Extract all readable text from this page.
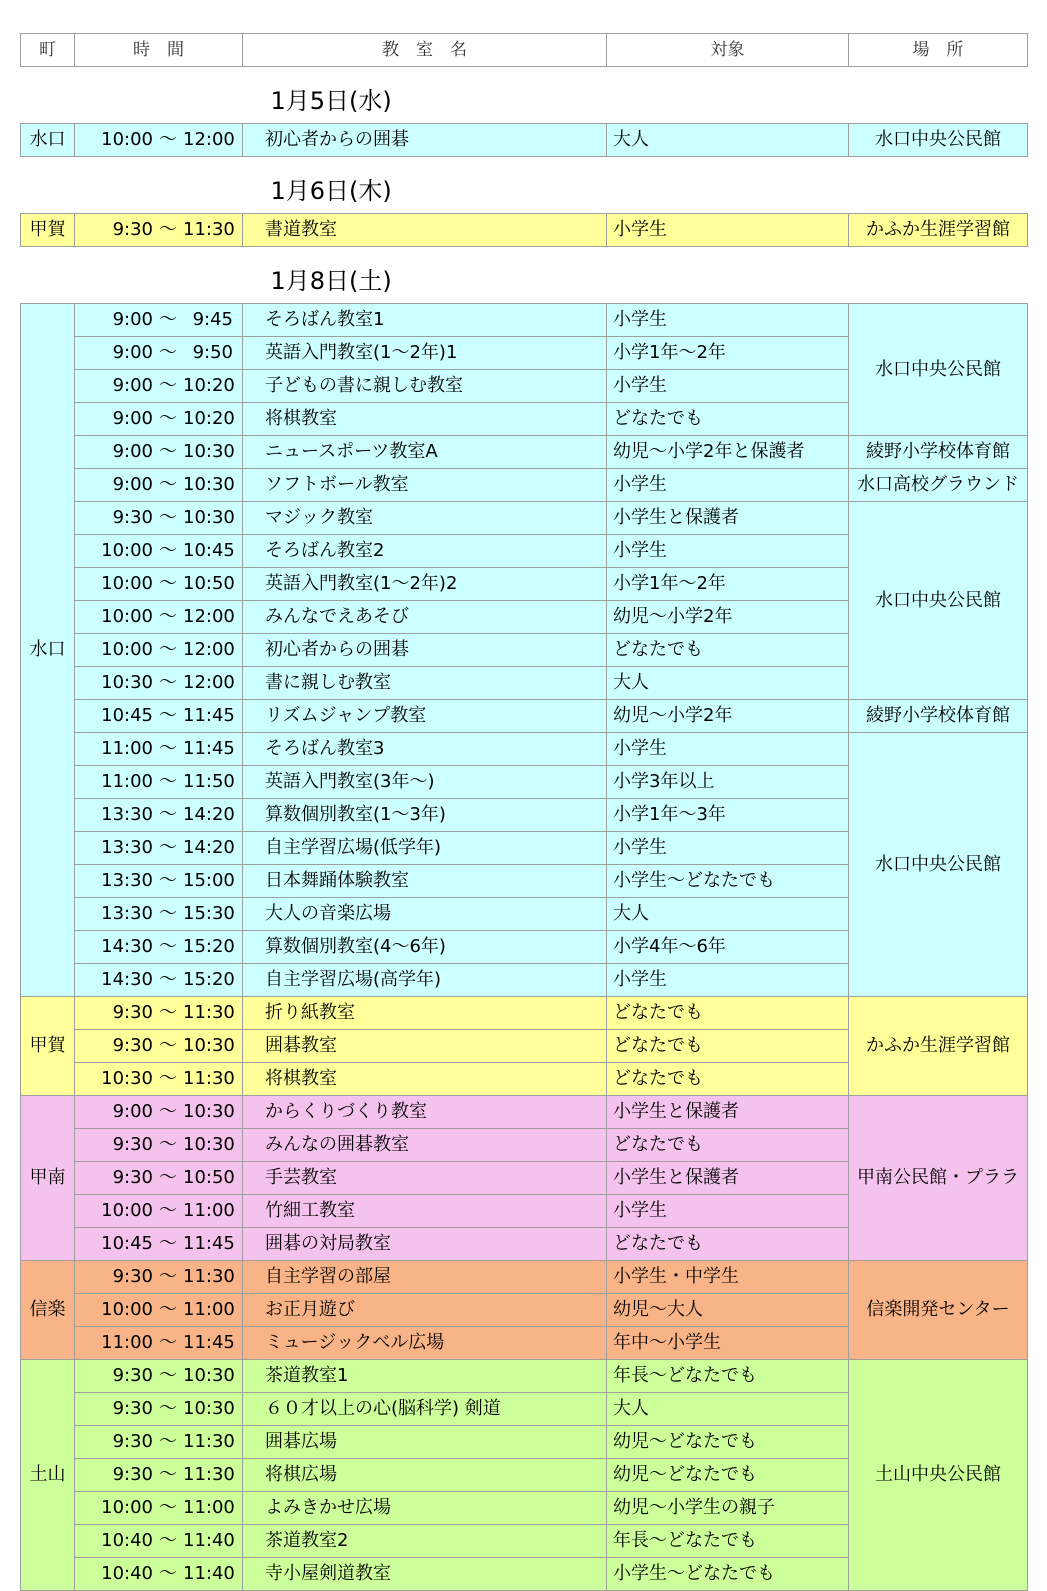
町	時　間	教　室　名	対象	場　所
		1月5日(水)		
水口	10:00 ～ 12:00	初心者からの囲碁	大人	水口中央公民館
		1月6日(木)		
甲賀	9:30 ～ 11:30	書道教室	小学生	かふか生涯学習館
		1月8日(土)		
水口	9:00 ～ 9:45	そろばん教室1	小学生	水口中央公民館
	9:00 ～ 9:50	英語入門教室(1～2年)1	小学1年～2年	
	9:00 ～ 10:20	子どもの書に親しむ教室	小学生	
	9:00 ～ 10:20	将棋教室	どなたでも	
	9:00 ～ 10:30	ニュースポーツ教室A	幼児～小学2年と保護者	綾野小学校体育館
	9:00 ～ 10:30	ソフトボール教室	小学生	水口高校グラウンド
	9:30 ～ 10:30	マジック教室	小学生と保護者	水口中央公民館
	10:00 ～ 10:45	そろばん教室2	小学生	
	10:00 ～ 10:50	英語入門教室(1～2年)2	小学1年～2年	
	10:00 ～ 12:00	みんなでえあそび	幼児～小学2年	
	10:00 ～ 12:00	初心者からの囲碁	どなたでも	
	10:30 ～ 12:00	書に親しむ教室	大人	
	10:45 ～ 11:45	リズムジャンプ教室	幼児～小学2年	綾野小学校体育館
	11:00 ～ 11:45	そろばん教室3	小学生	水口中央公民館
	11:00 ～ 11:50	英語入門教室(3年～)	小学3年以上	
	13:30 ～ 14:20	算数個別教室(1～3年)	小学1年～3年	
	13:30 ～ 14:20	自主学習広場(低学年)	小学生	
	13:30 ～ 15:00	日本舞踊体験教室	小学生～どなたでも	
	13:30 ～ 15:30	大人の音楽広場	大人	
	14:30 ～ 15:20	算数個別教室(4～6年)	小学4年～6年	
	14:30 ～ 15:20	自主学習広場(高学年)	小学生	
甲賀	9:30 ～ 11:30	折り紙教室	どなたでも	かふか生涯学習館
	9:30 ～ 10:30	囲碁教室	どなたでも	
	10:30 ～ 11:30	将棋教室	どなたでも	
甲南	9:00 ～ 10:30	からくりづくり教室	小学生と保護者	甲南公民館・プララ
	9:30 ～ 10:30	みんなの囲碁教室	どなたでも	
	9:30 ～ 10:50	手芸教室	小学生と保護者	
	10:00 ～ 11:00	竹細工教室	小学生	
	10:45 ～ 11:45	囲碁の対局教室	どなたでも	
信楽	9:30 ～ 11:30	自主学習の部屋	小学生・中学生	信楽開発センター
	10:00 ～ 11:00	お正月遊び	幼児～大人	
	11:00 ～ 11:45	ミュージックベル広場	年中～小学生	
土山	9:30 ～ 10:30	茶道教室1	年長～どなたでも	土山中央公民館
	9:30 ～ 10:30	６０才以上の心(脳科学) 剣道	大人	
	9:30 ～ 11:30	囲碁広場	幼児～どなたでも	
	9:30 ～ 11:30	将棋広場	幼児～どなたでも	
	10:00 ～ 11:00	よみきかせ広場	幼児～小学生の親子	
	10:40 ～ 11:40	茶道教室2	年長～どなたでも	
	10:40 ～ 11:40	寺小屋剣道教室	小学生～どなたでも	
